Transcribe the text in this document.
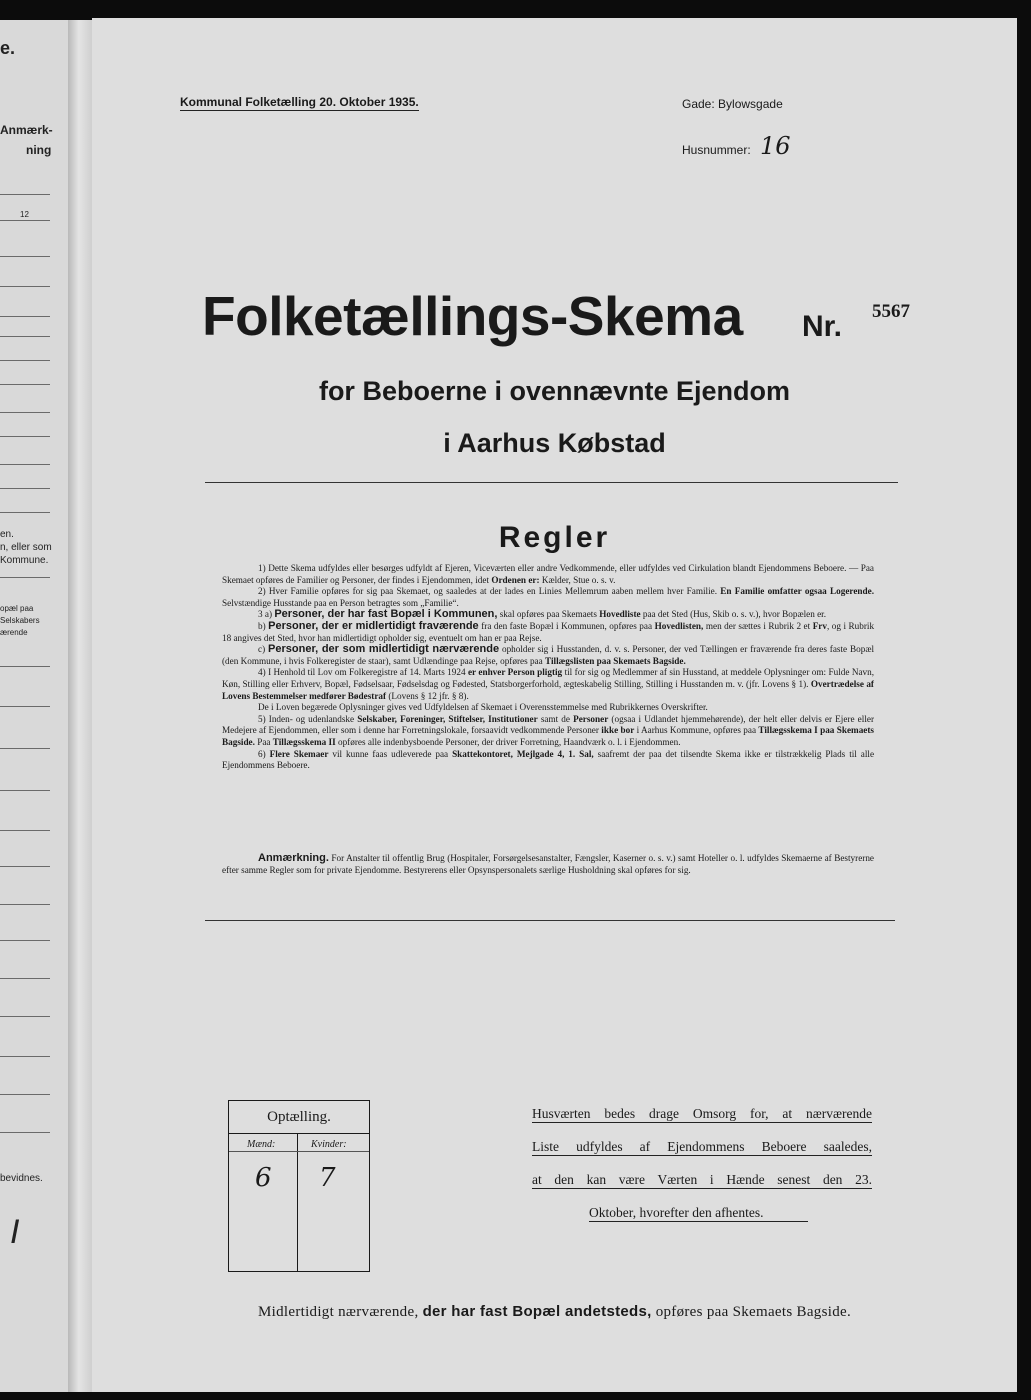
e.
Anmærk-
ning
12
en.
n, eller som
Kommune.
opæl paa
Selskabers
ærende
bevidnes.
I
Kommunal Folketælling 20. Oktober 1935.	Gade: Bylowsgade
Husnummer: 16
Folketællings-Skema Nr. 5567
for Beboerne i ovennævnte Ejendom
i Aarhus Købstad
Regler

1) Dette Skema udfyldes eller besørges udfyldt af Ejeren, Viceværten eller andre Vedkommende, eller udfyldes ved Cirkulation blandt Ejendommens Beboere. — Paa Skemaet opføres de Familier og Personer, der findes i Ejendommen, idet Ordenen er: Kælder, Stue o. s. v.

2) Hver Familie opføres for sig paa Skemaet, og saaledes at der lades en Linies Mellemrum aaben mellem hver Familie. En Familie omfatter ogsaa Logerende. Selvstændige Husstande paa en Person betragtes som „Familie“.

3 a) Personer, der har fast Bopæl i Kommunen, skal opføres paa Skemaets Hovedliste paa det Sted (Hus, Skib o. s. v.), hvor Bopælen er.

b) Personer, der er midlertidigt fraværende fra den faste Bopæl i Kommunen, opføres paa Hovedlisten, men der sættes i Rubrik 2 et Frv, og i Rubrik 18 angives det Sted, hvor han midlertidigt opholder sig, eventuelt om han er paa Rejse.

c) Personer, der som midlertidigt nærværende opholder sig i Husstanden, d. v. s. Personer, der ved Tællingen er fraværende fra deres faste Bopæl (den Kommune, i hvis Folkeregister de staar), samt Udlændinge paa Rejse, opføres paa Tillægslisten paa Skemaets Bagside.

4) I Henhold til Lov om Folkeregistre af 14. Marts 1924 er enhver Person pligtig til for sig og Medlemmer af sin Husstand, at meddele Oplysninger om: Fulde Navn, Køn, Stilling eller Erhverv, Bopæl, Fødselsaar, Fødselsdag og Fødested, Statsborgerforhold, ægteskabelig Stilling, Stilling i Husstanden m. v. (jfr. Lovens § 1). Overtrædelse af Lovens Bestemmelser medfører Bødestraf (Lovens § 12 jfr. § 8).

De i Loven begærede Oplysninger gives ved Udfyldelsen af Skemaet i Overensstemmelse med Rubrikkernes Overskrifter.

5) Inden- og udenlandske Selskaber, Foreninger, Stiftelser, Institutioner samt de Personer (ogsaa i Udlandet hjemmehørende), der helt eller delvis er Ejere eller Medejere af Ejendommen, eller som i denne har Forretningslokale, forsaavidt vedkommende Personer ikke bor i Aarhus Kommune, opføres paa Tillægsskema I paa Skemaets Bagside. Paa Tillægsskema II opføres alle indenbysboende Personer, der driver Forretning, Haandværk o. l. i Ejendommen.

6) Flere Skemaer vil kunne faas udleverede paa Skattekontoret, Mejlgade 4, 1. Sal, saafremt der paa det tilsendte Skema ikke er tilstrækkelig Plads til alle Ejendommens Beboere.

Anmærkning. For Anstalter til offentlig Brug (Hospitaler, Forsørgelsesanstalter, Fængsler, Kaserner o. s. v.) samt Hoteller o. l. udfyldes Skemaerne af Bestyrerne efter samme Regler som for private Ejendomme. Bestyrerens eller Opsynspersonalets særlige Husholdning skal opføres for sig.
Optælling.
Mænd:	Kvinder:
6 7
Husværten bedes drage Omsorg for, at nærværende
Liste udfyldes af Ejendommens Beboere saaledes,
at den kan være Værten i Hænde senest den 23.
Oktober, hvorefter den afhentes.
Midlertidigt nærværende, der har fast Bopæl andetsteds, opføres paa Skemaets Bagside.
